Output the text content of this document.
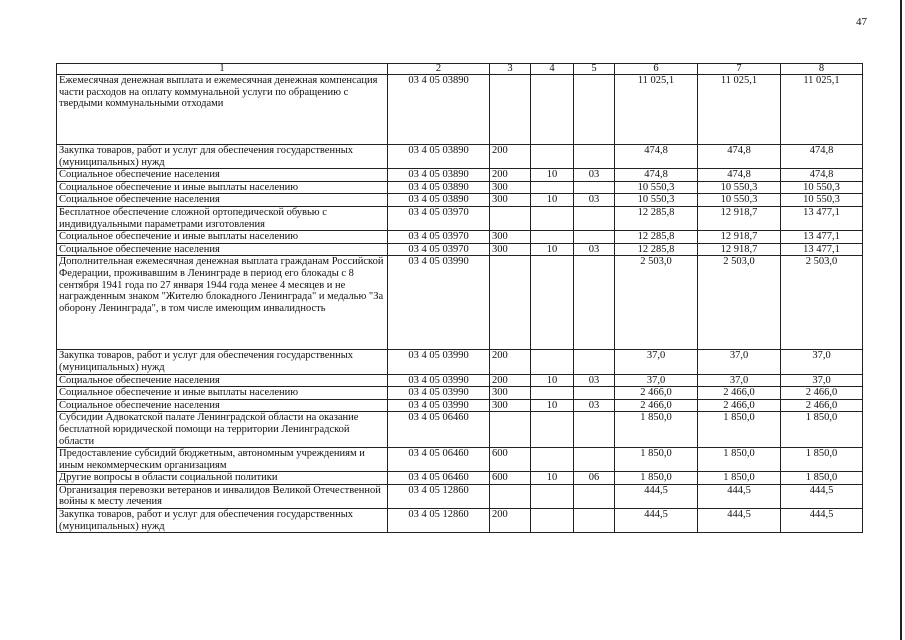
47
1	2	3	4	5	6	7	8
Ежемесячная денежная выплата и ежемесячная денежная компенсация части расходов на оплату коммунальной услуги по обращению с твердыми коммунальными отходами	03 4 05 03890				11 025,1	11 025,1	11 025,1
Закупка товаров, работ и услуг для обеспечения государственных (муниципальных) нужд	03 4 05 03890	200			474,8	474,8	474,8
Социальное обеспечение населения	03 4 05 03890	200	10	03	474,8	474,8	474,8
Социальное обеспечение и иные выплаты населению	03 4 05 03890	300			10 550,3	10 550,3	10 550,3
Социальное обеспечение населения	03 4 05 03890	300	10	03	10 550,3	10 550,3	10 550,3
Бесплатное обеспечение сложной ортопедической обувью с индивидуальными параметрами изготовления	03 4 05 03970				12 285,8	12 918,7	13 477,1
Социальное обеспечение и иные выплаты населению	03 4 05 03970	300			12 285,8	12 918,7	13 477,1
Социальное обеспечение населения	03 4 05 03970	300	10	03	12 285,8	12 918,7	13 477,1
Дополнительная ежемесячная денежная выплата гражданам Российской Федерации, проживавшим в Ленинграде в период его блокады с 8 сентября 1941 года по 27 января 1944 года менее 4 месяцев и не награжденным знаком "Жителю блокадного Ленинграда" и медалью "За оборону Ленинграда", в том числе имеющим инвалидность	03 4 05 03990				2 503,0	2 503,0	2 503,0
Закупка товаров, работ и услуг для обеспечения государственных (муниципальных) нужд	03 4 05 03990	200			37,0	37,0	37,0
Социальное обеспечение населения	03 4 05 03990	200	10	03	37,0	37,0	37,0
Социальное обеспечение и иные выплаты населению	03 4 05 03990	300			2 466,0	2 466,0	2 466,0
Социальное обеспечение населения	03 4 05 03990	300	10	03	2 466,0	2 466,0	2 466,0
Субсидии Адвокатской палате Ленинградской области на оказание бесплатной юридической помощи на территории Ленинградской области	03 4 05 06460				1 850,0	1 850,0	1 850,0
Предоставление субсидий бюджетным, автономным учреждениям и иным некоммерческим организациям	03 4 05 06460	600			1 850,0	1 850,0	1 850,0
Другие вопросы в области социальной политики	03 4 05 06460	600	10	06	1 850,0	1 850,0	1 850,0
Организация перевозки ветеранов и инвалидов Великой Отечественной войны к месту лечения	03 4 05 12860				444,5	444,5	444,5
Закупка товаров, работ и услуг для обеспечения государственных (муниципальных) нужд	03 4 05 12860	200			444,5	444,5	444,5
